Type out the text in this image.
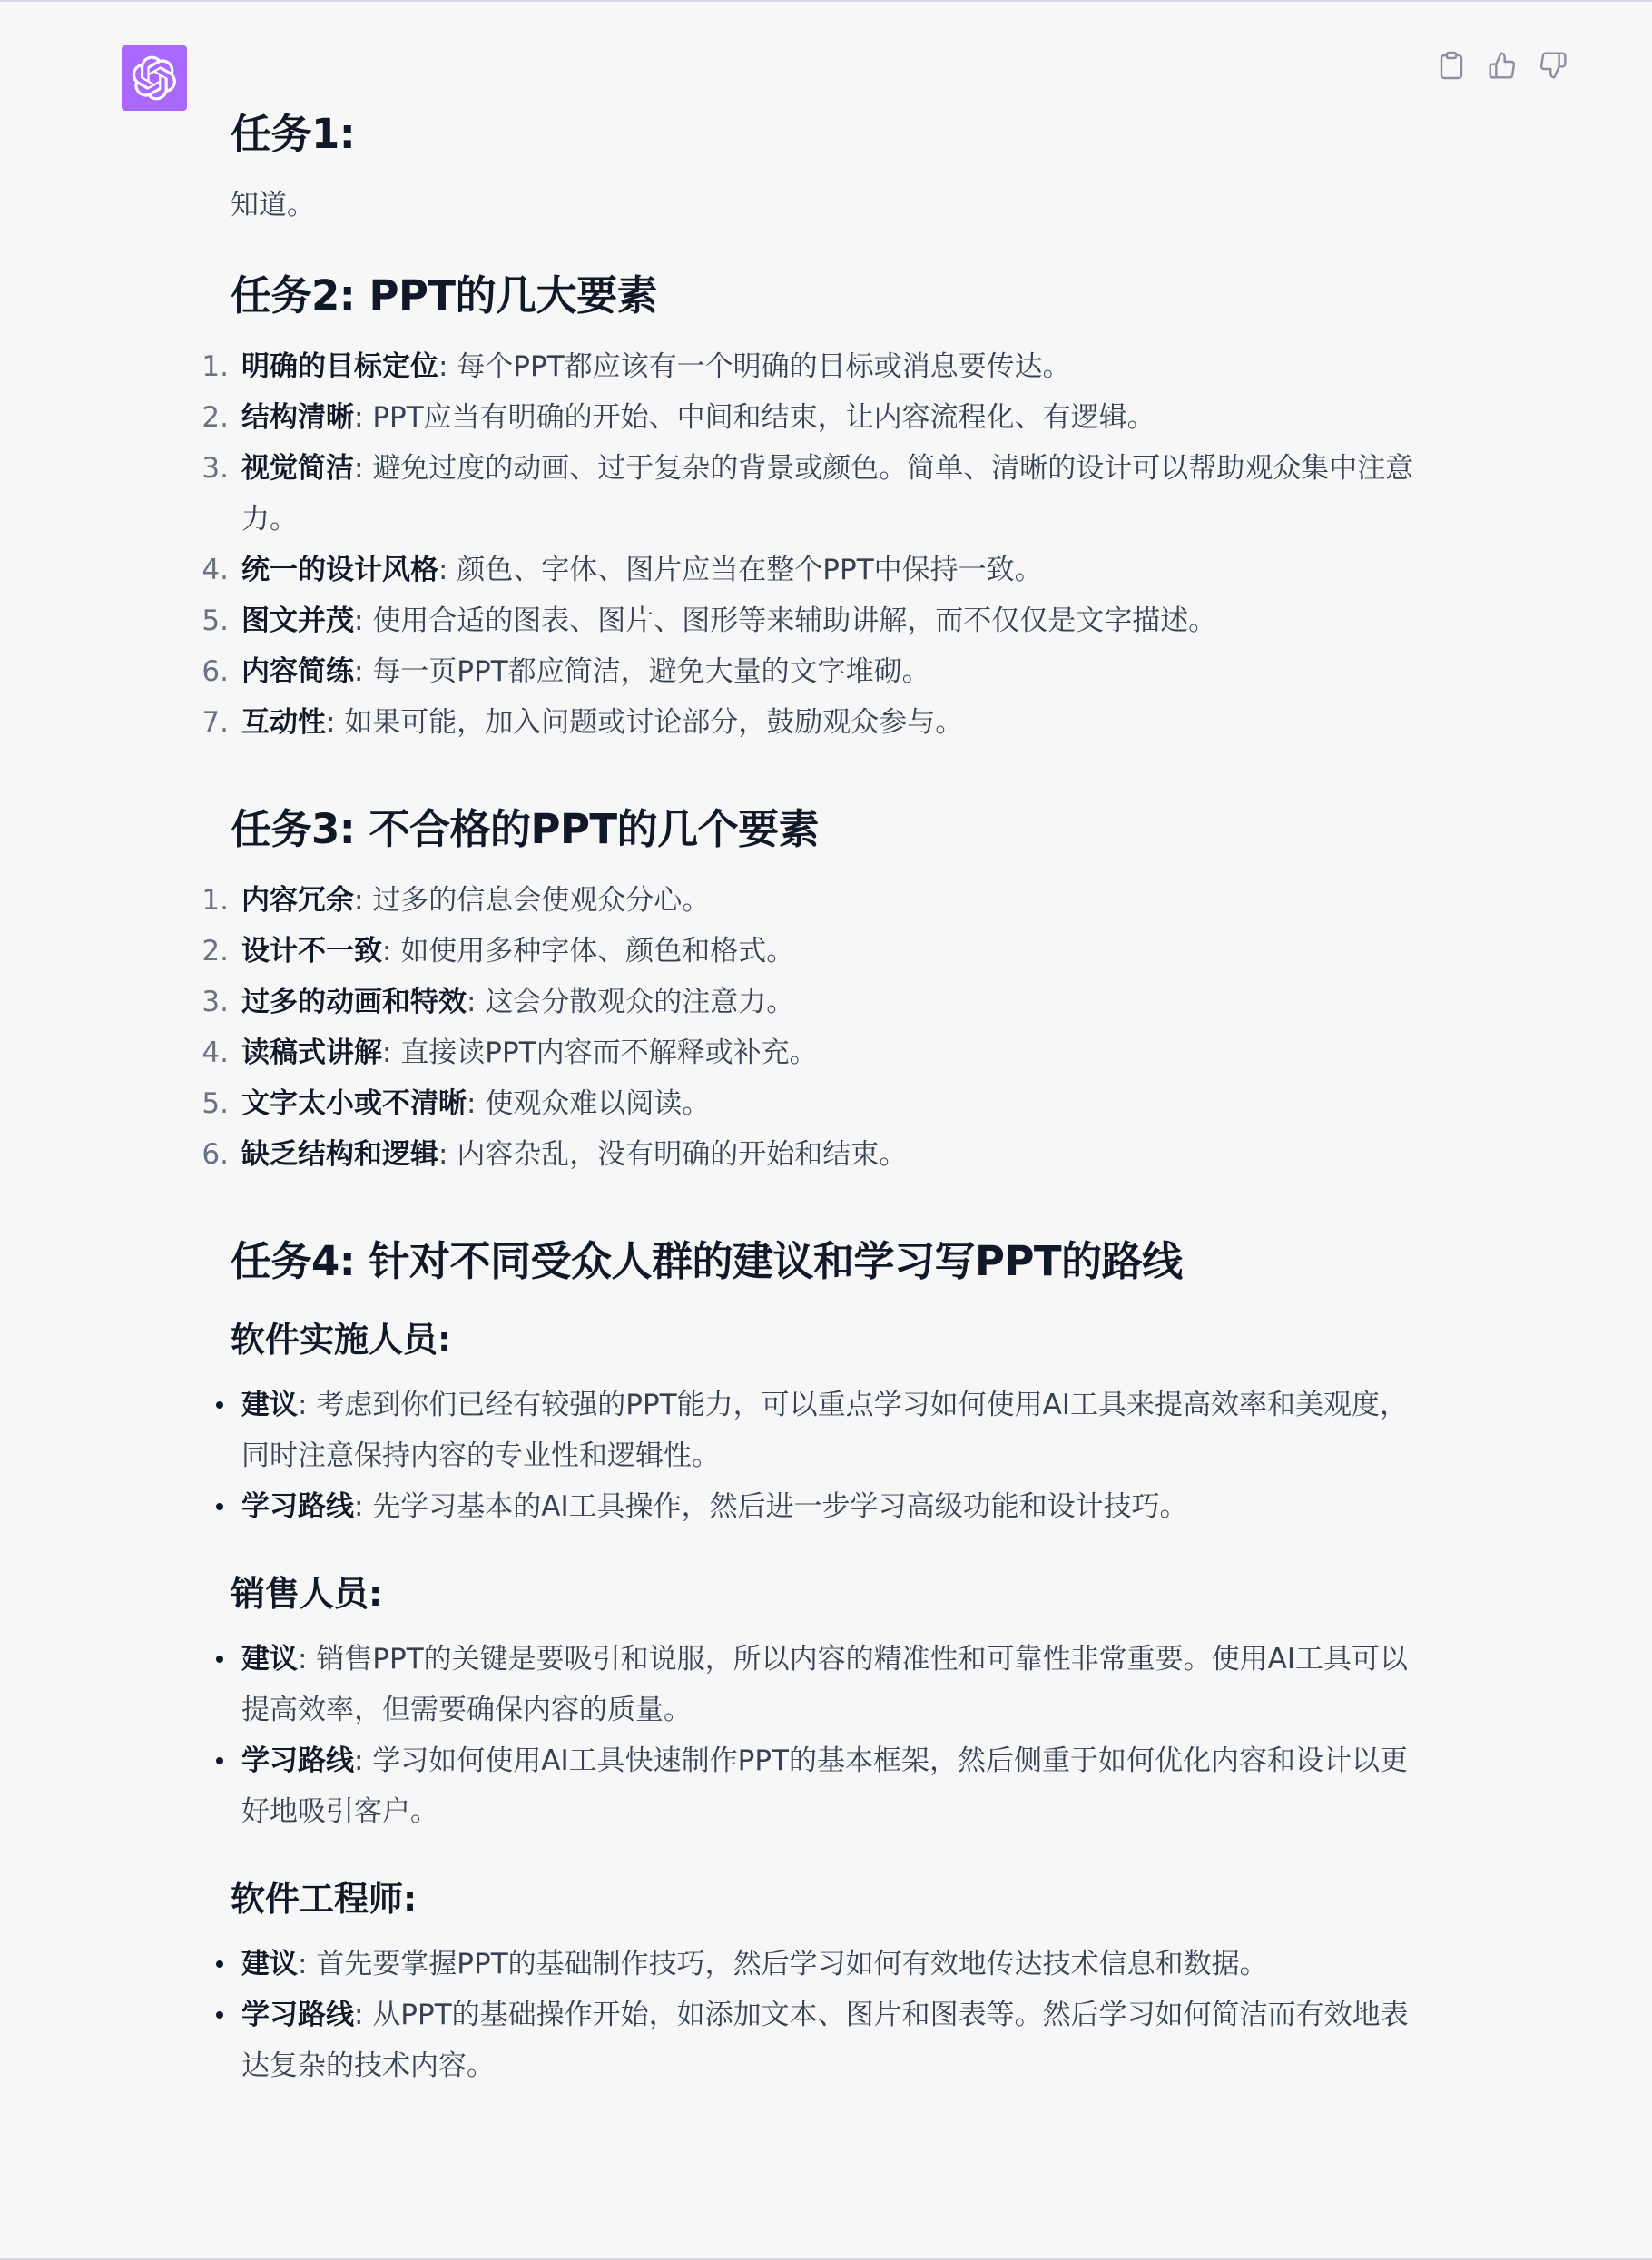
任务1:

知道。

任务2: PPT的几大要素
1. 明确的目标定位: 每个PPT都应该有一个明确的目标或消息要传达。
2. 结构清晰: PPT应当有明确的开始、中间和结束，让内容流程化、有逻辑。
3. 视觉简洁: 避免过度的动画、过于复杂的背景或颜色。简单、清晰的设计可以帮助观众集中注意力。
4. 统一的设计风格: 颜色、字体、图片应当在整个PPT中保持一致。
5. 图文并茂: 使用合适的图表、图片、图形等来辅助讲解，而不仅仅是文字描述。
6. 内容简练: 每一页PPT都应简洁，避免大量的文字堆砌。
7. 互动性: 如果可能，加入问题或讨论部分，鼓励观众参与。
任务3: 不合格的PPT的几个要素
1. 内容冗余: 过多的信息会使观众分心。
2. 设计不一致: 如使用多种字体、颜色和格式。
3. 过多的动画和特效: 这会分散观众的注意力。
4. 读稿式讲解: 直接读PPT内容而不解释或补充。
5. 文字太小或不清晰: 使观众难以阅读。
6. 缺乏结构和逻辑: 内容杂乱，没有明确的开始和结束。
任务4: 针对不同受众人群的建议和学习写PPT的路线
软件实施人员:
建议: 考虑到你们已经有较强的PPT能力，可以重点学习如何使用AI工具来提高效率和美观度，同时注意保持内容的专业性和逻辑性。
学习路线: 先学习基本的AI工具操作，然后进一步学习高级功能和设计技巧。
销售人员:
建议: 销售PPT的关键是要吸引和说服，所以内容的精准性和可靠性非常重要。使用AI工具可以提高效率，但需要确保内容的质量。
学习路线: 学习如何使用AI工具快速制作PPT的基本框架，然后侧重于如何优化内容和设计以更好地吸引客户。
软件工程师:
建议: 首先要掌握PPT的基础制作技巧，然后学习如何有效地传达技术信息和数据。
学习路线: 从PPT的基础操作开始，如添加文本、图片和图表等。然后学习如何简洁而有效地表达复杂的技术内容。
